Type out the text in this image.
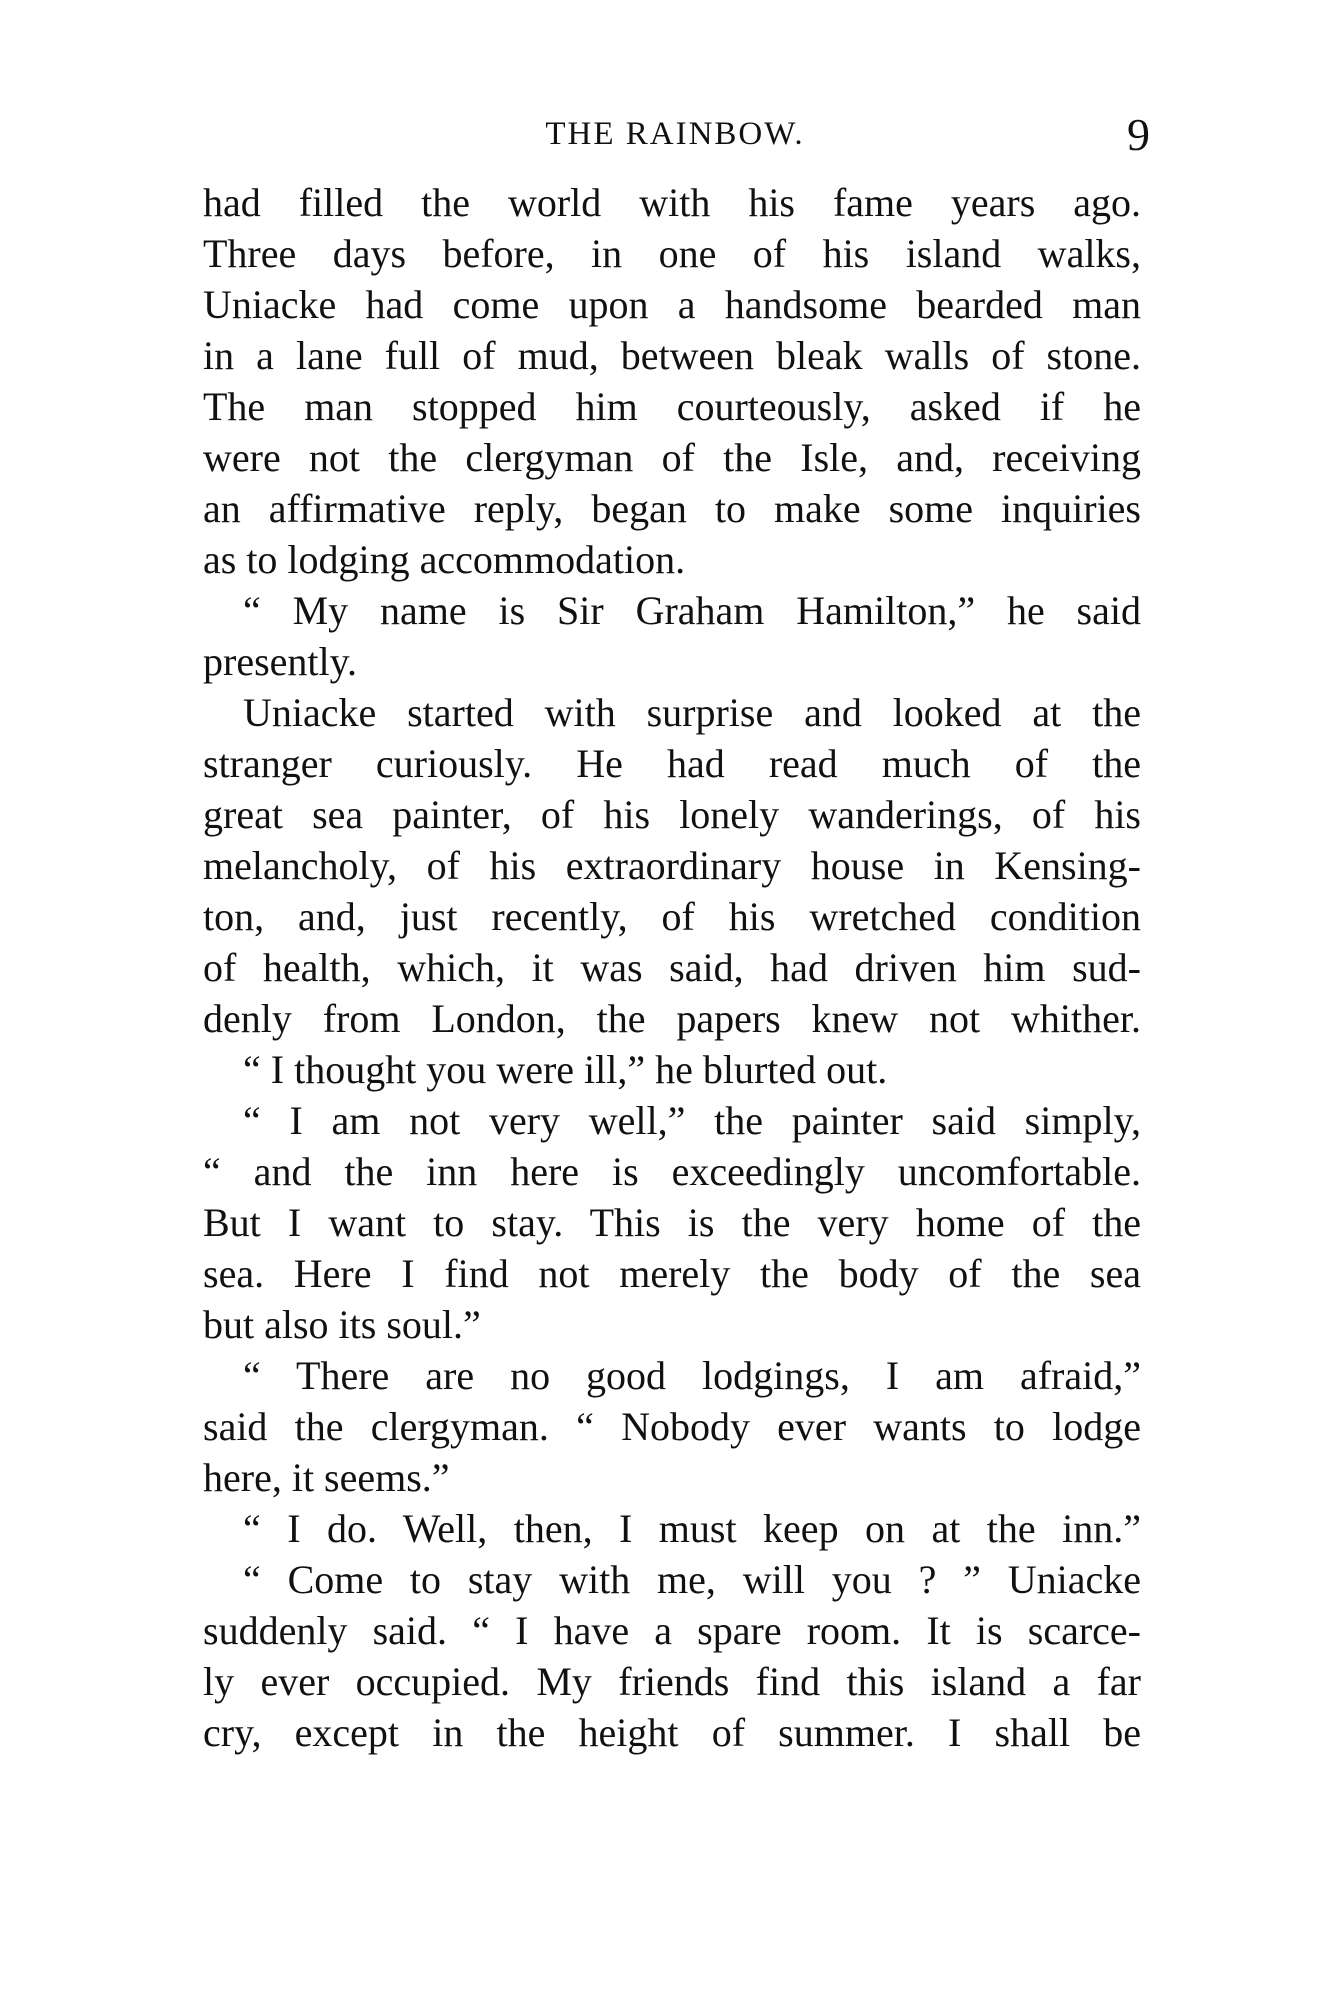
THE RAINBOW.	9
had filled the world with his fame years ago.
Three days before, in one of his island walks,
Uniacke had come upon a handsome bearded man
in a lane full of mud, between bleak walls of stone.
The man stopped him courteously, asked if he
were not the clergyman of the Isle, and, receiving
an affirmative reply, began to make some inquiries
as to lodging accommodation.
“ My name is Sir Graham Hamilton,” he said
presently.
Uniacke started with surprise and looked at the
stranger curiously. He had read much of the
great sea painter, of his lonely wanderings, of his
melancholy, of his extraordinary house in Kensing-
ton, and, just recently, of his wretched condition
of health, which, it was said, had driven him sud-
denly from London, the papers knew not whither.
“ I thought you were ill,” he blurted out.
“ I am not very well,” the painter said simply,
“ and the inn here is exceedingly uncomfortable.
But I want to stay. This is the very home of the
sea. Here I find not merely the body of the sea
but also its soul.”
“ There are no good lodgings, I am afraid,”
said the clergyman. “ Nobody ever wants to lodge
here, it seems.”
“ I do. Well, then, I must keep on at the inn.”
“ Come to stay with me, will you ? ” Uniacke
suddenly said. “ I have a spare room. It is scarce-
ly ever occupied. My friends find this island a far
cry, except in the height of summer. I shall be
